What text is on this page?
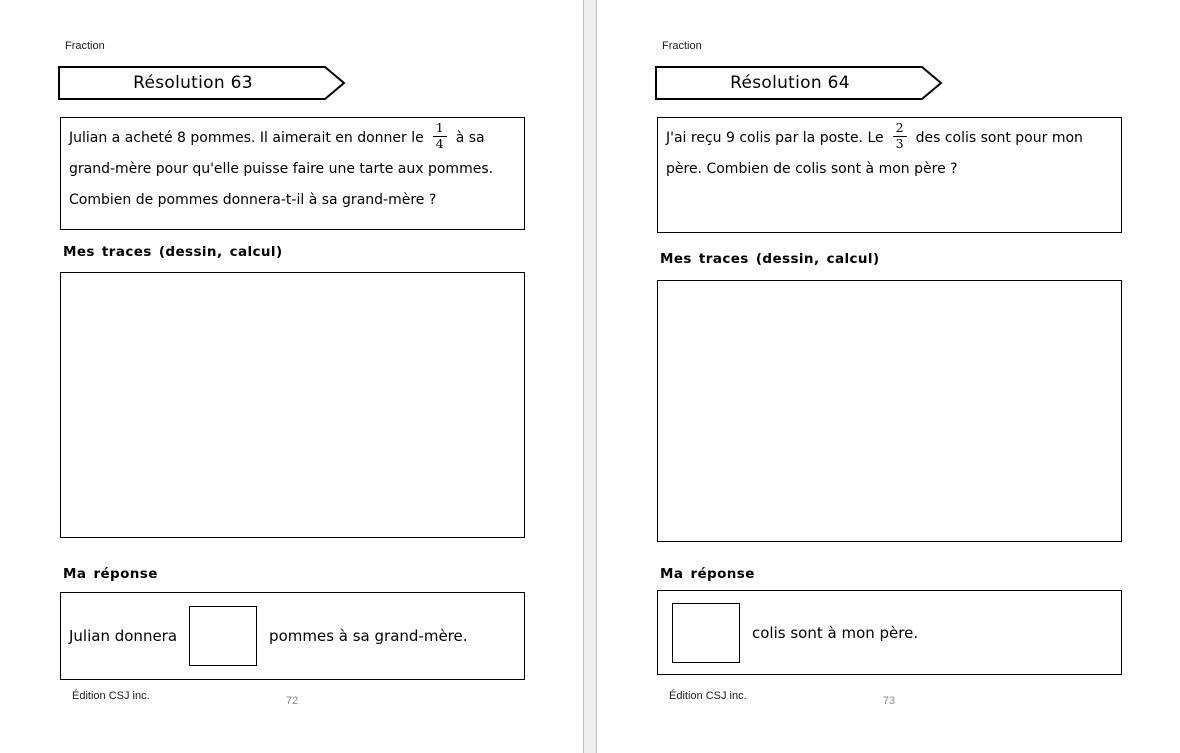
Fraction
Résolution 63
Julian a acheté 8 pommes. Il aimerait en donner le $\frac{1}{4}$ à sa grand-mère pour qu'elle puisse faire une tarte aux pommes. Combien de pommes donnera-t-il à sa grand-mère ?
Mes traces (dessin, calcul)
Ma réponse
Julian donnera	pommes à sa grand-mère.
Édition CSJ inc.	72
Fraction
Résolution 64
J'ai reçu 9 colis par la poste. Le $\frac{2}{3}$ des colis sont pour mon père. Combien de colis sont à mon père ?
Mes traces (dessin, calcul)
Ma réponse
colis sont à mon père.
Édition CSJ inc.	73
